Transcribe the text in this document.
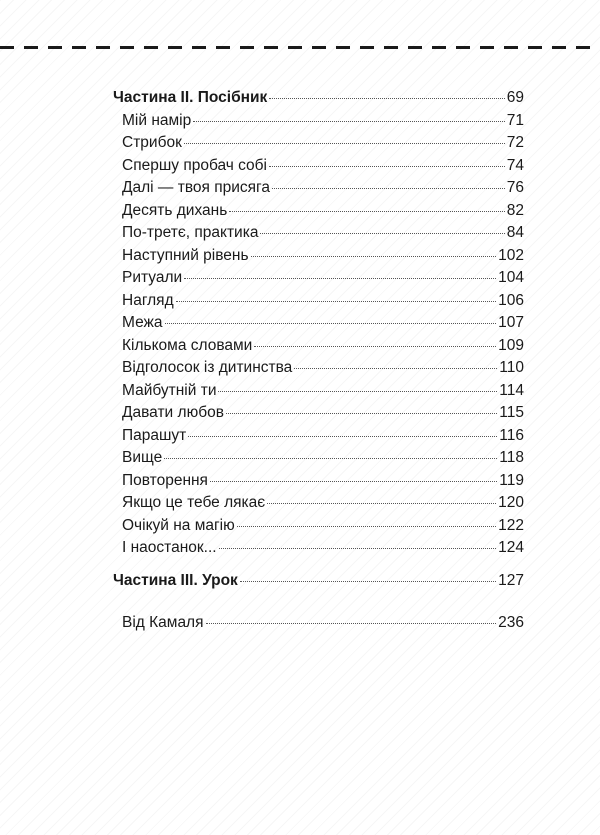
Частина ІІ. Посібник	69
Мій намір	71
Стрибок	72
Спершу пробач собі	74
Далі — твоя присяга	76
Десять дихань	82
По-третє, практика	84
Наступний рівень	102
Ритуали	104
Нагляд	106
Межа	107
Кількома словами	109
Відголосок із дитинства	110
Майбутній ти	114
Давати любов	115
Парашут	116
Вище	118
Повторення	119
Якщо це тебе лякає	120
Очікуй на магію	122
І наостанок...	124
Частина ІІІ. Урок	127
Від Камаля	236
